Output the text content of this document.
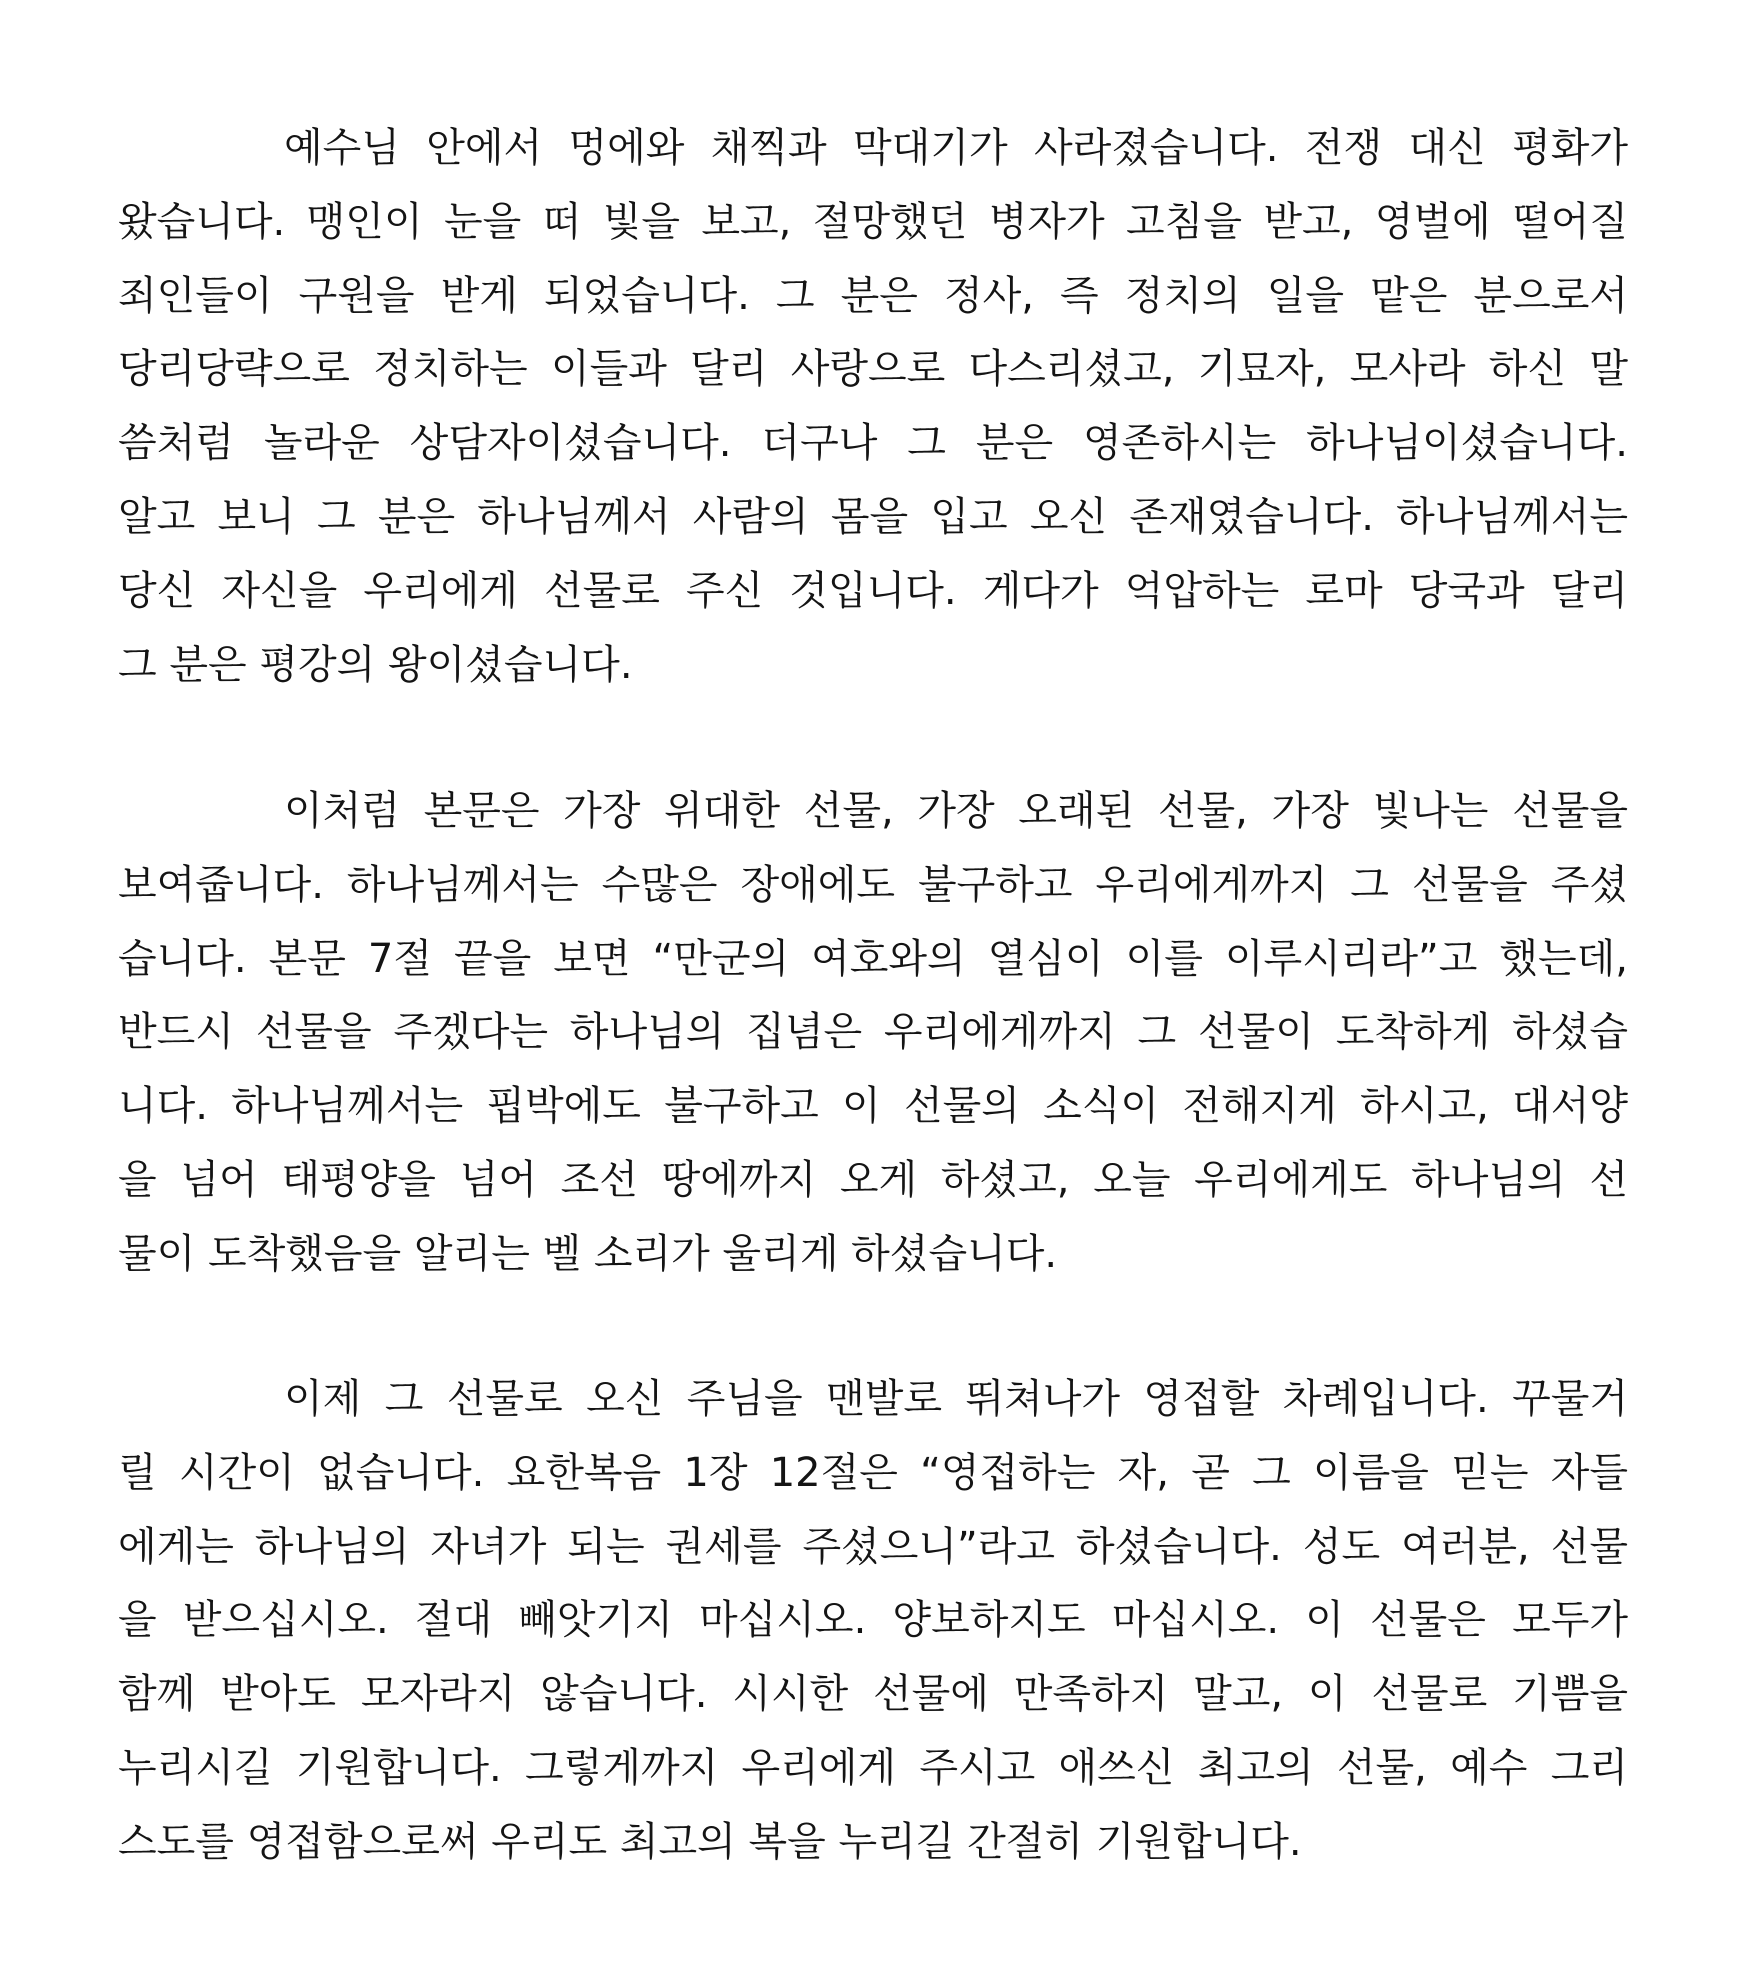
예수님 안에서 멍에와 채찍과 막대기가 사라졌습니다. 전쟁 대신 평화가
왔습니다. 맹인이 눈을 떠 빛을 보고, 절망했던 병자가 고침을 받고, 영벌에 떨어질
죄인들이 구원을 받게 되었습니다. 그 분은 정사, 즉 정치의 일을 맡은 분으로서
당리당략으로 정치하는 이들과 달리 사랑으로 다스리셨고, 기묘자, 모사라 하신 말
씀처럼 놀라운 상담자이셨습니다. 더구나 그 분은 영존하시는 하나님이셨습니다.
알고 보니 그 분은 하나님께서 사람의 몸을 입고 오신 존재였습니다. 하나님께서는
당신 자신을 우리에게 선물로 주신 것입니다. 게다가 억압하는 로마 당국과 달리
그 분은 평강의 왕이셨습니다.
이처럼 본문은 가장 위대한 선물, 가장 오래된 선물, 가장 빛나는 선물을
보여줍니다. 하나님께서는 수많은 장애에도 불구하고 우리에게까지 그 선물을 주셨
습니다. 본문 7절 끝을 보면 “만군의 여호와의 열심이 이를 이루시리라”고 했는데,
반드시 선물을 주겠다는 하나님의 집념은 우리에게까지 그 선물이 도착하게 하셨습
니다. 하나님께서는 핍박에도 불구하고 이 선물의 소식이 전해지게 하시고, 대서양
을 넘어 태평양을 넘어 조선 땅에까지 오게 하셨고, 오늘 우리에게도 하나님의 선
물이 도착했음을 알리는 벨 소리가 울리게 하셨습니다.
이제 그 선물로 오신 주님을 맨발로 뛰쳐나가 영접할 차례입니다. 꾸물거
릴 시간이 없습니다. 요한복음 1장 12절은 “영접하는 자, 곧 그 이름을 믿는 자들
에게는 하나님의 자녀가 되는 권세를 주셨으니”라고 하셨습니다. 성도 여러분, 선물
을 받으십시오. 절대 빼앗기지 마십시오. 양보하지도 마십시오. 이 선물은 모두가
함께 받아도 모자라지 않습니다. 시시한 선물에 만족하지 말고, 이 선물로 기쁨을
누리시길 기원합니다. 그렇게까지 우리에게 주시고 애쓰신 최고의 선물, 예수 그리
스도를 영접함으로써 우리도 최고의 복을 누리길 간절히 기원합니다.
